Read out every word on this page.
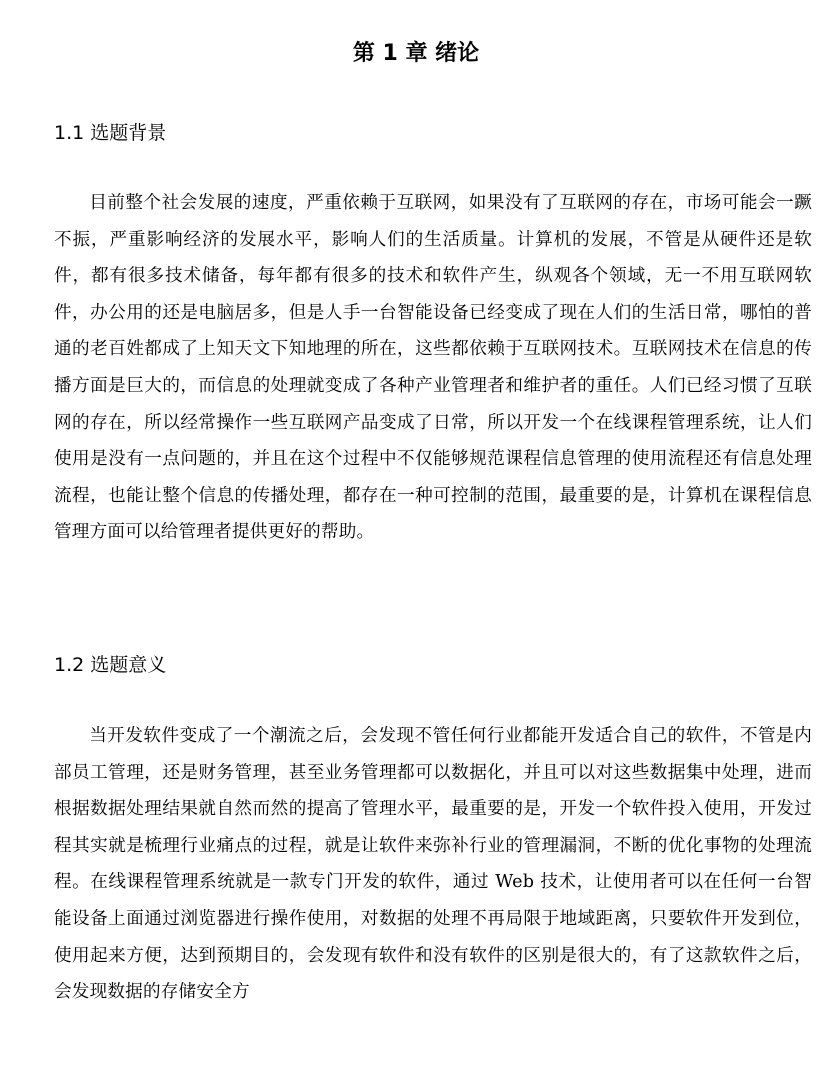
第 1 章 绪论
1.1 选题背景

目前整个社会发展的速度，严重依赖于互联网，如果没有了互联网的存在，市场可能会一蹶不振，严重影响经济的发展水平，影响人们的生活质量。计算机的发展，不管是从硬件还是软件，都有很多技术储备，每年都有很多的技术和软件产生，纵观各个领域，无一不用互联网软件，办公用的还是电脑居多，但是人手一台智能设备已经变成了现在人们的生活日常，哪怕的普通的老百姓都成了上知天文下知地理的所在，这些都依赖于互联网技术。互联网技术在信息的传播方面是巨大的，而信息的处理就变成了各种产业管理者和维护者的重任。人们已经习惯了互联网的存在，所以经常操作一些互联网产品变成了日常，所以开发一个在线课程管理系统，让人们使用是没有一点问题的，并且在这个过程中不仅能够规范课程信息管理的使用流程还有信息处理流程，也能让整个信息的传播处理，都存在一种可控制的范围，最重要的是，计算机在课程信息管理方面可以给管理者提供更好的帮助。

1.2 选题意义

当开发软件变成了一个潮流之后，会发现不管任何行业都能开发适合自己的软件，不管是内部员工管理，还是财务管理，甚至业务管理都可以数据化，并且可以对这些数据集中处理，进而根据数据处理结果就自然而然的提高了管理水平，最重要的是，开发一个软件投入使用，开发过程其实就是梳理行业痛点的过程，就是让软件来弥补行业的管理漏洞，不断的优化事物的处理流程。在线课程管理系统就是一款专门开发的软件，通过 Web 技术，让使用者可以在任何一台智能设备上面通过浏览器进行操作使用，对数据的处理不再局限于地域距离，只要软件开发到位，使用起来方便，达到预期目的，会发现有软件和没有软件的区别是很大的，有了这款软件之后，会发现数据的存储安全方
